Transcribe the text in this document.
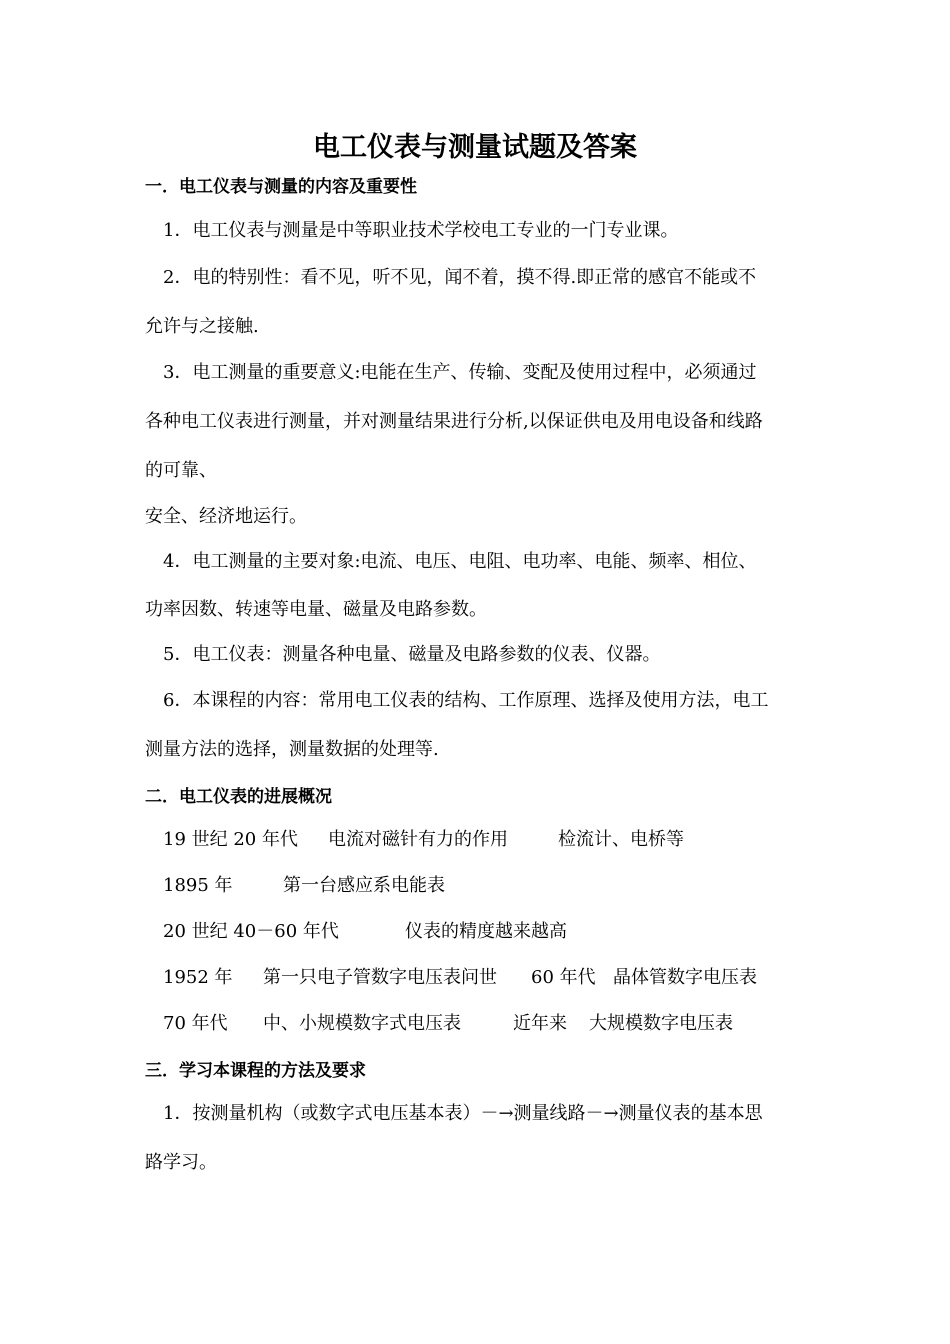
电工仪表与测量试题及答案
一．电工仪表与测量的内容及重要性
1．电工仪表与测量是中等职业技术学校电工专业的一门专业课。
2．电的特别性：看不见，听不见，闻不着，摸不得.即正常的感官不能或不
允许与之接触.
3．电工测量的重要意义:电能在生产、传输、变配及使用过程中，必须通过
各种电工仪表进行测量，并对测量结果进行分析,以保证供电及用电设备和线路
的可靠、
安全、经济地运行。
4．电工测量的主要对象:电流、电压、电阻、电功率、电能、频率、相位、
功率因数、转速等电量、磁量及电路参数。
5．电工仪表：测量各种电量、磁量及电路参数的仪表、仪器。
6．本课程的内容：常用电工仪表的结构、工作原理、选择及使用方法，电工
测量方法的选择，测量数据的处理等.
二．电工仪表的进展概况
19 世纪 20 年代 电流对磁针有力的作用	检流计、电桥等
1895 年	第一台感应系电能表
20 世纪 40－60 年代	仪表的精度越来越高
1952 年 第一只电子管数字电压表问世 60 年代 晶体管数字电压表
70 年代 中、小规模数字式电压表	近年来 大规模数字电压表
三．学习本课程的方法及要求
1．按测量机构（或数字式电压基本表）－→测量线路－→测量仪表的基本思
路学习。
